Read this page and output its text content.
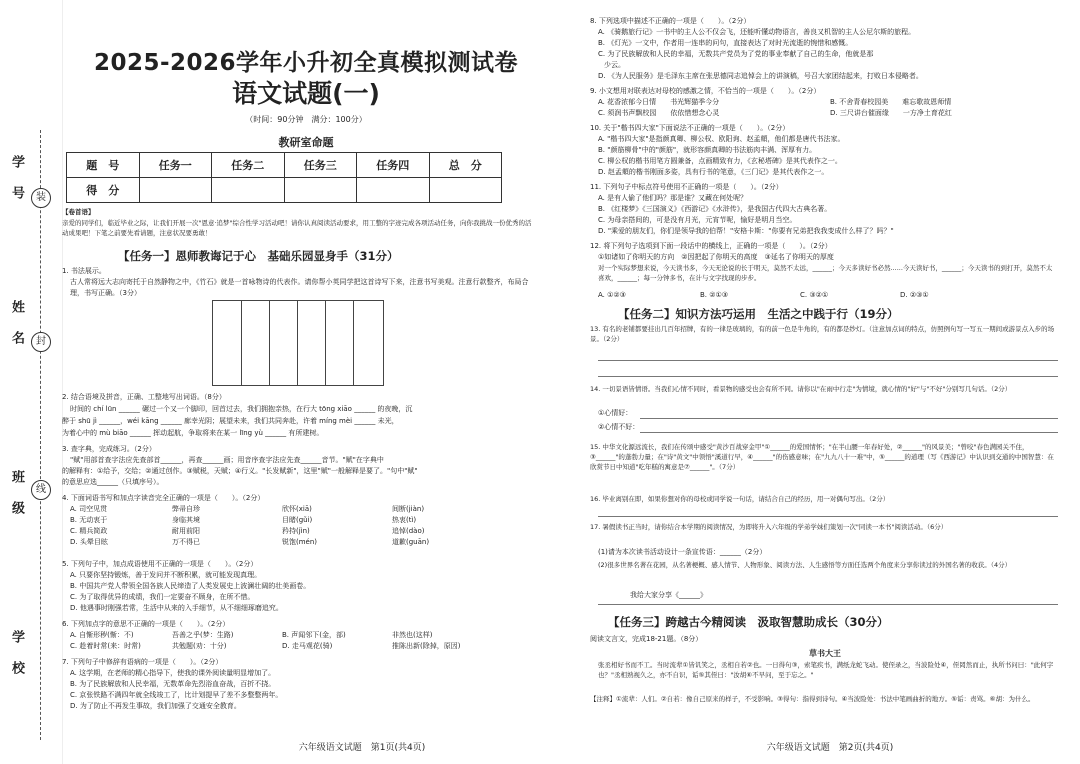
学号
姓名
班级
学校
装
封
线
2025-2026学年小升初全真模拟测试卷
语文试题(一)
（时间：90分钟　满分：100分）
教研室命题
题　号	任务一	任务二	任务三	任务四	总　分
得　分					
【卷首语】
亲爱的同学们，临近毕业之际，让我们开展一次"恩意·追梦"综合性学习活动吧！请你认真阅读活动要求，用工整的字迹完成各项活动任务，向你我挑战一份优秀的活动成果吧！下笔之前要先看请题，注意状况要勇敢！
【任务一】恩师教诲记于心　基础乐园显身手（31分）
1. 书法展示。
古人常将远大志向寄托于自然静物之中，《竹石》就是一首咏物诗的代表作。请你帮小英同学把这首诗写下来，注意书写美观。注意行款整齐，布局合理，书写正确。（3分）
2. 结合语境及拼音，正确、工整地写出词语。（8分）
时间的 chí lūn ______ 碾过一个又一个脚印，回首过去，我们拥抱亲热，在行大 tōng xiāo ______ 的夜晚，沉
醉于 shū jì ______，wéi kāng ______ 廊幸光阴；展望未来，我们共同奔赴，许着 míng mèi ______ 未光，
为着心中的 mù biāo ______ 挥动起航，争取将来在某一 līng yù ______ 有所建树。
3. 查字典，完成练习。（2分）
"赋"用部首查字法应先查部首______，再查______画；用音序查字法应先查______音节。"赋"在字典中
的解释有：①给予，交给；②通过创作。③赋税，天赋；④行义。"长发赋新"，这里"赋"一般解释是要了。"句中"赋"
的意思应选______（只填序号）。
4. 下面词语书写和加点字读音完全正确的一项是（　　）。（2分）
A. 司空见贯	弊帚自珍	欣怀(xiā)	间断(jiàn)
B. 无动衷于	身临其境	目睹(gǔi)	热衷(tì)
C. 精兵简政	耐用前阳	矜持(jìn)	追悼(dào)
D. 头晕目眩	万不得已	锐饱(mén)	道歉(guān)
5. 下列句子中，加点成语使用不正确的一项是（　　）。（2分）
A. 只要你坚持锻炼，善于发问并不断积累，就可能发现真理。
B. 中国共产党人带领全国各族人民缔造了人类发展史上波澜壮阔的壮美画卷。
C. 为了取得优异的成绩，我们一定要奋不顾身，在所不惜。
D. 他遇事时刚强若常，生活中从来的入手细节，从不细细琢磨追究。
6. 下列加点字的意思不正确的一项是（　　）。（2分）
A. 自惭形秽(惭：不)	吾善之乎(梦：生路)	B. 声闻邻下(金，部)	非然也(这样)
C. 趁着时常(来：时常)	共勉题(劝：十分)	D. 走马观花(骑)	推陈出新(除掉，原因)
7. 下列句子中修辞有语病的一项是（　　）。（2分）
A. 这学期，在老师的精心指导下，使我的课外阅读量明显增加了。
B. 为了民族解放和人民幸福，无数革命先烈浴血奋战，百折不挠。
C. 京张铁路不满四年就全线竣工了，比计划提早了差不多整整两年。
D. 为了防止不再发生事故，我们加强了交通安全教育。
六年级语文试题　第1页(共4页)
8. 下列选项中描述不正确的一项是（　　）。（2分）
A. 《骑鹅旅行记》一书中的主人公不仅会飞，还能听懂动物语言，善良又机智的主人公尼尔斯的旅程。
B. 《灯光》一文中，作者用一连串的问句，直接表达了对时光流逝的惋惜和感慨。
C. 为了民族解放和人民的幸福，无数共产党员为了党的事业奉献了自己的生命，他就是那
少云。
D. 《为人民服务》是毛泽东主席在张思德同志追悼会上的讲演稿，号召大家团结起来，打败日本侵略者。
9. 小文想用对联表达对母校的感激之情，不恰当的一项是（　　）。（2分）
A. 花香浓郁今日情　　书光辉猫季今分	B. 不舍青春校园美　　难忘歌故恩师情
C. 须润书声飘校园　　依依惜想念心灵	D. 三尺讲台催面缘　　一方净土育花红
10. 关于"楷书四大家"下面说法不正确的一项是（　　）。（2分）
A. "楷书四大家"是指颜真卿、柳公权、欧阳询、赵孟頫，他们都是唐代书法家。
B. "颜筋柳骨"中的"颜筋"，就形容颜真卿的书法筋肉丰满、浑厚有力。
C. 柳公权的楷书用笔方圆兼备，点画精致有力，《玄秘塔碑》是其代表作之一。
D. 赵孟頫的楷书刚面多姿，具有行书的笔意，《三门记》是其代表作之一。
11. 下列句子中标点符号使用不正确的一项是（　　）。（2分）
A. 是有人偷了他们吗？那是谁？又藏在何处呢？
B. 《红楼梦》《三国演义》《西游记》《水浒传》，是我国古代四大古典名著。
C. 为母亲搭间的，可是没有月光，元宵节呢，愉好是明月当空。
D. "乘爱的朋友们，你们是领导我的伯帮！"安格卡斯："你要有兄弟把我我变成什么样了？吗？"
12. 将下列句子选项到下面一段话中的横线上，正确的一项是（　　）。（2分）
①如诸如了你明天的方向　②因把起了你明天的高度　③延名了你明天的厚度
对一个实际梦想来说，今天读书多，今天无论说的长于明天，莫然不太远，______；今天多读好书必然......今天读好书，______；今天读书的到打开，莫然不太喜欢，______；每一分钟多书，在计与文字找现的步步。
A. ①②③	B. ②①③	C. ③②①	D. ②③①
【任务二】知识方法巧运用　生活之中践于行（19分）
13. 有名的老铺都要挂出几百年招牌，有的一律是玻璃的，有的前一色是牛角的，有的都是纱灯。（注意加点词的特点，仿照例句写一写五一期间或游景点入步的场景。（2分）
14. 一切景语皆情语。当我们心情不同时，看景物的感受也会有所不同。请你以"在雨中行走"为情境，就心情的"好"与"不好"分别写几句话。（2分）
①心情好：
②心情不好：
15. 中华文化源远流长，我们在传颂中感受"黄沙百战穿金甲"①______的爱国情怀；"在半山腰一年春好处，②______"的风景美；"曾咬"春色满园关不住，③______"的蓬勃力量；在"诗"黄文"中领悟"溪道行早，④______"的伤感意味；在"九九八十一难"中，⑤______的道理（写《西游记》中认识到交通的中国智慧：在欣赏节日中知道"吃年糕的寓意是⑦______"。（7分）
16. 毕业离别在即，如果你想对你的母校或同学说一句话，请结合自己的经历，用一对偶句写出。（2分）
17. 暑假读书正当时，请你结合本学期的阅读情况，为即将升入六年级的学弟学妹们策划一次"同读一本书"阅读活动。（6分）
(1)请为本次读书活动设计一条宣传语：______（2分）
(2)很多世界名著在花园，从名著梗概、感人情节、人物形象、阅读方法、人生感悟等方面任选两个角度来分享你读过的外国名著的收获。（4分）
我给大家分享《______》
【任务三】跨越古今精阅读　汲取智慧助成长（30分）
阅读文言文，完成18-21题。（8分）
草书大王
张丞相好书而不工。当时流辈①皆讥笑之，丞相自若②也。一日得句③，索笔疾书，满纸龙蛇飞动。使侄录之，当波险处④，侄罔然而止，执所书问曰："此何字也？"丞相熟视久之，亦不自识，诟⑤其侄曰："汝胡⑥不早问，至于忘之。"
【注释】①流辈：人们。②自若：像自己原来的样子，不受影响。③得句：指得到诗句。④当波险处：书法中笔画曲折的地方。⑤诟：责骂。⑥胡：为什么。
六年级语文试题　第2页(共4页)
